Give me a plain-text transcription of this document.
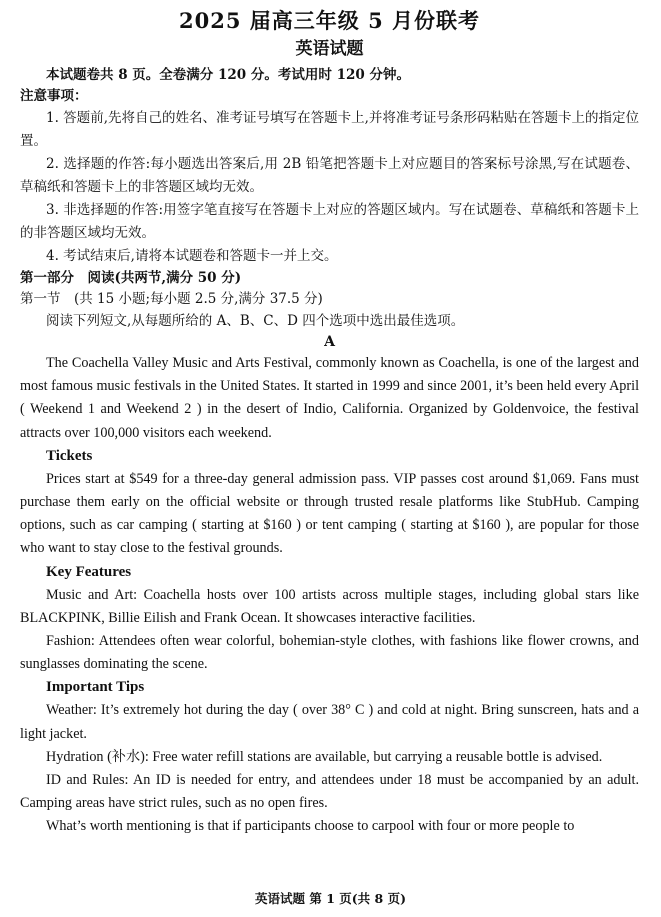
2025 届高三年级 5 月份联考
英语试题

本试题卷共 8 页。全卷满分 120 分。考试用时 120 分钟。

注意事项：

1. 答题前,先将自己的姓名、准考证号填写在答题卡上,并将准考证号条形码粘贴在答题卡上的指定位置。

2. 选择题的作答:每小题选出答案后,用 2B 铅笔把答题卡上对应题目的答案标号涂黑,写在试题卷、草稿纸和答题卡上的非答题区域均无效。

3. 非选择题的作答:用签字笔直接写在答题卡上对应的答题区域内。写在试题卷、草稿纸和答题卡上的非答题区域均无效。

4. 考试结束后,请将本试题卷和答题卡一并上交。

第一部分　阅读(共两节,满分 50 分)

第一节　(共 15 小题;每小题 2.5 分,满分 37.5 分)

阅读下列短文,从每题所给的 A、B、C、D 四个选项中选出最佳选项。

A

The Coachella Valley Music and Arts Festival, commonly known as Coachella, is one of the largest and most famous music festivals in the United States. It started in 1999 and since 2001, it’s been held every April ( Weekend 1 and Weekend 2 ) in the desert of Indio, California. Organized by Goldenvoice, the festival attracts over 100,000 visitors each weekend.

Tickets

Prices start at $549 for a three-day general admission pass. VIP passes cost around $1,069. Fans must purchase them early on the official website or through trusted resale platforms like StubHub. Camping options, such as car camping ( starting at $160 ) or tent camping ( starting at $160 ), are popular for those who want to stay close to the festival grounds.

Key Features

Music and Art: Coachella hosts over 100 artists across multiple stages, including global stars like BLACKPINK, Billie Eilish and Frank Ocean. It showcases interactive facilities.

Fashion: Attendees often wear colorful, bohemian-style clothes, with fashions like flower crowns, and sunglasses dominating the scene.

Important Tips

Weather: It’s extremely hot during the day ( over 38° C ) and cold at night. Bring sunscreen, hats and a light jacket.

Hydration (补水): Free water refill stations are available, but carrying a reusable bottle is advised.

ID and Rules: An ID is needed for entry, and attendees under 18 must be accompanied by an adult. Camping areas have strict rules, such as no open fires.

What’s worth mentioning is that if participants choose to carpool with four or more people to

英语试题 第 1 页(共 8 页)
